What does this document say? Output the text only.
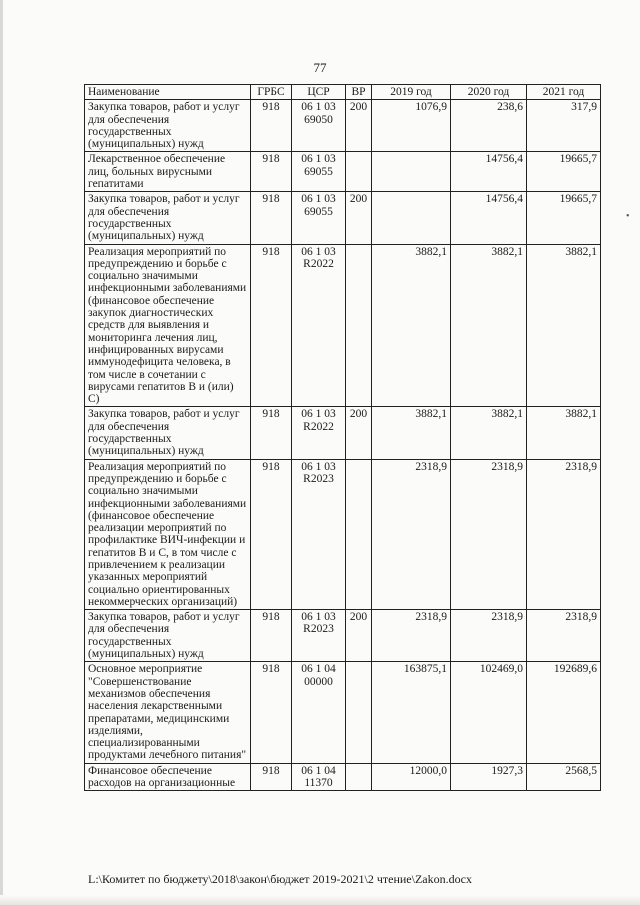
77
Наименование	ГРБС	ЦСР	ВР	2019 год	2020 год	2021 год
Закупка товаров, работ и услуг для обеспечения государственных (муниципальных) нужд	918	06 1 03 69050	200	1076,9	238,6	317,9
Лекарственное обеспечение лиц, больных вирусными гепатитами	918	06 1 03 69055			14756,4	19665,7
Закупка товаров, работ и услуг для обеспечения государственных (муниципальных) нужд	918	06 1 03 69055	200		14756,4	19665,7
Реализация мероприятий по предупреждению и борьбе с социально значимыми инфекционными заболеваниями (финансовое обеспечение закупок диагностических средств для выявления и мониторинга лечения лиц, инфицированных вирусами иммунодефицита человека, в том числе в сочетании с вирусами гепатитов В и (или) С)	918	06 1 03 R2022		3882,1	3882,1	3882,1
Закупка товаров, работ и услуг для обеспечения государственных (муниципальных) нужд	918	06 1 03 R2022	200	3882,1	3882,1	3882,1
Реализация мероприятий по предупреждению и борьбе с социально значимыми инфекционными заболеваниями (финансовое обеспечение реализации мероприятий по профилактике ВИЧ-инфекции и гепатитов В и С, в том числе с привлечением к реализации указанных мероприятий социально ориентированных некоммерческих организаций)	918	06 1 03 R2023		2318,9	2318,9	2318,9
Закупка товаров, работ и услуг для обеспечения государственных (муниципальных) нужд	918	06 1 03 R2023	200	2318,9	2318,9	2318,9
Основное мероприятие "Совершенствование механизмов обеспечения населения лекарственными препаратами, медицинскими изделиями, специализированными продуктами лечебного питания"	918	06 1 04 00000		163875,1	102469,0	192689,6
Финансовое обеспечение расходов на организационные	918	06 1 04 11370		12000,0	1927,3	2568,5
•
L:\Комитет по бюджету\2018\закон\бюджет 2019-2021\2 чтение\Zakon.docx
